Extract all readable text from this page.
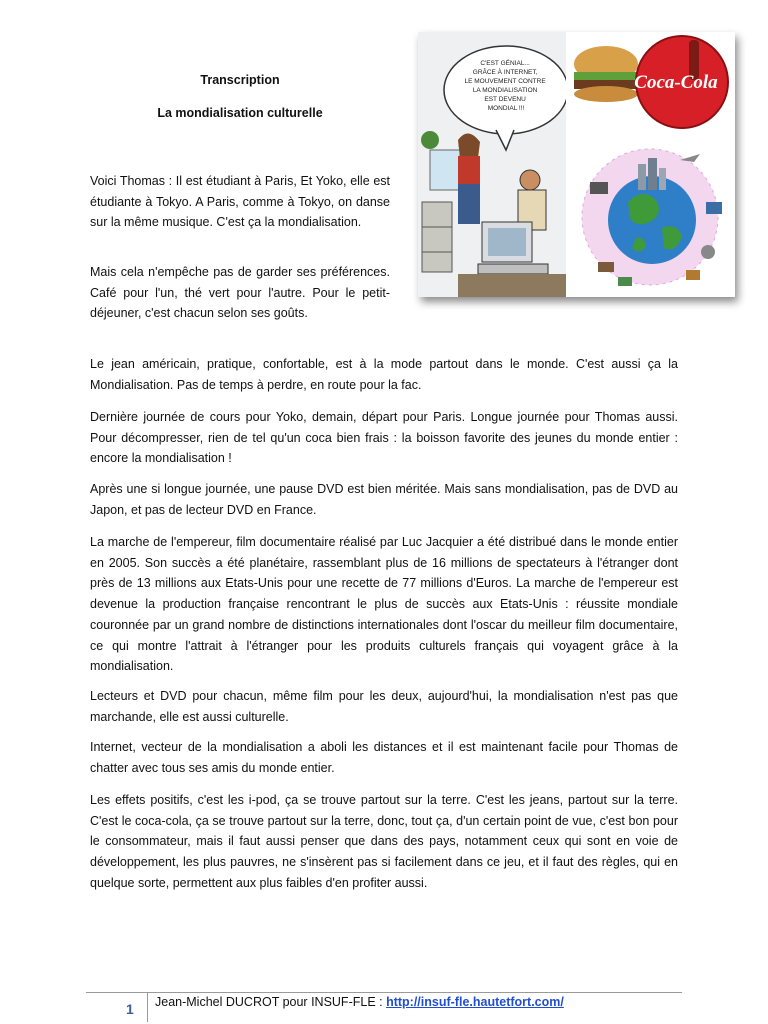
Transcription
La mondialisation culturelle
C'EST GÉNIAL... GRÂCE À INTERNET, LE MOUVEMENT CONTRE LA MONDIALISATION EST DEVENU MONDIAL !!!
Coca-Cola

Voici Thomas : Il est étudiant à Paris, Et Yoko, elle est étudiante à Tokyo. A Paris, comme à Tokyo, on danse sur la même musique. C'est ça la mondialisation.

Mais cela n'empêche pas de garder ses préférences. Café pour l'un, thé vert pour l'autre. Pour le petit-déjeuner, c'est chacun selon ses goûts.

Le jean américain, pratique, confortable, est à la mode partout dans le monde. C'est aussi ça la Mondialisation. Pas de temps à perdre, en route pour la fac.

Dernière journée de cours pour Yoko, demain, départ pour Paris. Longue journée pour Thomas aussi. Pour décompresser, rien de tel qu'un coca bien frais : la boisson favorite des jeunes du monde entier : encore la mondialisation !

Après une si longue journée, une pause DVD est bien méritée. Mais sans mondialisation, pas de DVD au Japon, et pas de lecteur DVD en France.

La marche de l'empereur, film documentaire réalisé par Luc Jacquier a été distribué dans le monde entier en 2005. Son succès a été planétaire, rassemblant plus de 16 millions de spectateurs à l'étranger dont près de 13 millions aux Etats-Unis pour une recette de 77 millions d'Euros. La marche de l'empereur est devenue la production française rencontrant le plus de succès aux Etats-Unis : réussite mondiale couronnée par un grand nombre de distinctions internationales dont l'oscar du meilleur film documentaire, ce qui montre l'attrait à l'étranger pour les produits culturels français qui voyagent grâce à la mondialisation.

Lecteurs et DVD pour chacun, même film pour les deux, aujourd'hui, la mondialisation n'est pas que marchande, elle est aussi culturelle.

Internet, vecteur de la mondialisation a aboli les distances et il est maintenant facile pour Thomas de chatter avec tous ses amis du monde entier.

Les effets positifs, c'est les i-pod, ça se trouve partout sur la terre. C'est les jeans, partout sur la terre. C'est le coca-cola, ça se trouve partout sur la terre, donc, tout ça, d'un certain point de vue, c'est bon pour le consommateur, mais il faut aussi penser que dans des pays, notamment ceux qui sont en voie de développement, les plus pauvres, ne s'insèrent pas si facilement dans ce jeu, et il faut des règles, qui en quelque sorte, permettent aux plus faibles d'en profiter aussi.

1 Jean-Michel DUCROT pour INSUF-FLE : http://insuf-fle.hautetfort.com/
